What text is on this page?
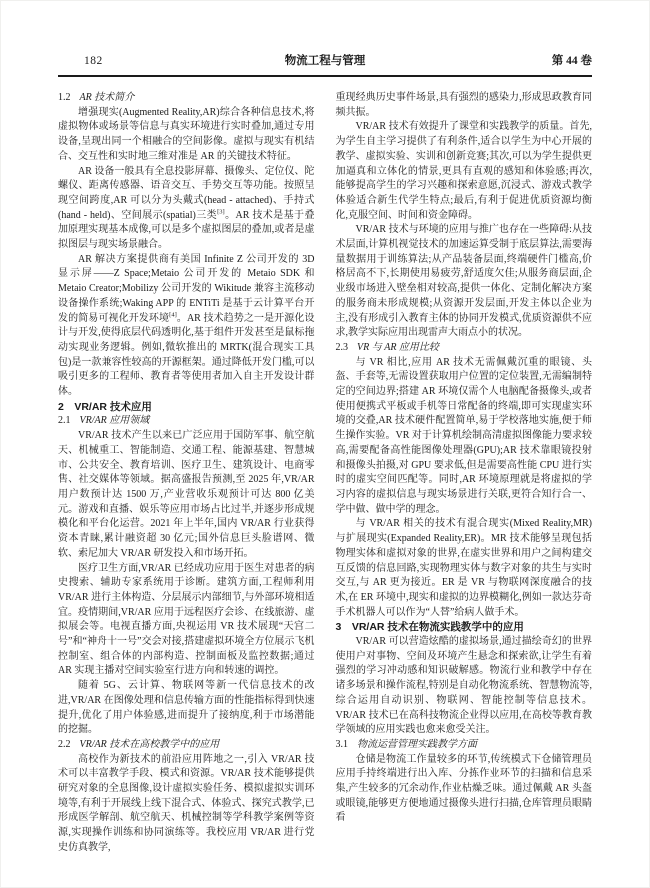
182	物流工程与管理	第 44 卷
1.2 AR 技术简介
增强现实(Augmented Reality,AR)综合各种信息技术,将虚拟物体或场景等信息与真实环境进行实时叠加,通过专用设备,呈现出同一个相融合的空间影像。虚拟与现实有机结合、交互性和实时地三维对准是 AR 的关键技术特征。
AR 设备一般具有全息投影屏幕、摄像头、定位仪、陀螺仪、距离传感器、语音交互、手势交互等功能。按照呈现空间跨度,AR 可以分为头戴式(head - attached)、手持式(hand - held)、空间展示(spatial)三类[3]。AR 技术是基于叠加原理实现基本成像,可以是多个虚拟图层的叠加,或者是虚拟图层与现实场景融合。
AR 解决方案提供商有美国 Infinite Z 公司开发的 3D 显示屏——Z Space;Metaio 公司开发的 Metaio SDK 和 Metaio Creator;Mobilizy 公司开发的 Wikitude 兼容主流移动设备操作系统;Waking APP 的 ENTiTi 是基于云计算平台开发的简易可视化开发环境[4]。AR 技术趋势之一是开源化设计与开发,使得底层代码透明化,基于组件开发甚至是鼠标拖动实现业务逻辑。例如,微软推出的 MRTK(混合现实工具包)是一款兼容性较高的开源框架。通过降低开发门槛,可以吸引更多的工程师、教育者等使用者加入自主开发设计群体。
2 VR/AR 技术应用
2.1 VR/AR 应用领域
VR/AR 技术产生以来已广泛应用于国防军事、航空航天、机械重工、智能制造、交通工程、能源基建、智慧城市、公共安全、教育培训、医疗卫生、建筑设计、电商零售、社交媒体等领域。据高盛报告预测,至 2025 年,VR/AR 用户数预计达 1500 万,产业营收乐观预计可达 800 亿美元。游戏和直播、娱乐等应用市场占比过半,并逐步形成规模化和平台化运营。2021 年上半年,国内 VR/AR 行业获得资本青睐,累计融资超 30 亿元;国外信息巨头脸谱网、微软、索尼加大 VR/AR 研发投入和市场开拓。
医疗卫生方面,VR/AR 已经成功应用于医生对患者的病史搜索、辅助专家系统用于诊断。建筑方面,工程师利用 VR/AR 进行主体构造、分层展示内部细节,与外部环境相适宜。疫情期间,VR/AR 应用于远程医疗会诊、在线旅游、虚拟展会等。电视直播方面,央视运用 VR 技术展现“天宫二号”和“神舟十一号”交会对接,搭建虚拟环境全方位展示飞机控制室、组合体的内部构造、控制面板及监控数据;通过 AR 实现主播对空间实验室行进方向和转速的调控。
随着 5G、云计算、物联网等新一代信息技术的改进,VR/AR 在图像处理和信息传输方面的性能指标得到快速提升,优化了用户体验感,进而提升了接纳度,利于市场潜能的挖掘。
2.2 VR/AR 技术在高校教学中的应用
高校作为新技术的前沿应用阵地之一,引入 VR/AR 技术可以丰富教学手段、模式和资源。VR/AR 技术能够提供研究对象的全息图像,设计虚拟实验任务、模拟虚拟实训环境等,有利于开展线上线下混合式、体验式、探究式教学,已形成医学解剖、航空航天、机械控制等学科教学案例等资源,实现操作训练和协同演练等。我校应用 VR/AR 进行党史仿真教学,
重现经典历史事件场景,具有强烈的感染力,形成思政教育同频共振。
VR/AR 技术有效提升了课堂和实践教学的质量。首先,为学生自主学习提供了有利条件,适合以学生为中心开展的教学、虚拟实验、实训和创新竞赛;其次,可以为学生提供更加逼真和立体化的情景,更具有直观的感知和体验感;再次,能够提高学生的学习兴趣和探索意愿,沉浸式、游戏式教学体验适合新生代学生特点;最后,有利于促进优质资源均衡化,克服空间、时间和资金障碍。
VR/AR 技术与环境的应用与推广也存在一些障碍:从技术层面,计算机视觉技术的加速运算受制于底层算法,需要海量数据用于训练算法;从产品装备层面,终端硬件门槛高,价格居高不下,长期使用易疲劳,舒适度欠佳;从服务商层面,企业级市场进入壁垒相对较高,提供一体化、定制化解决方案的服务商未形成规模;从资源开发层面,开发主体以企业为主,没有形成引入教育主体的协同开发模式,优质资源供不应求,教学实际应用出现雷声大雨点小的状况。
2.3 VR 与 AR 应用比较
与 VR 相比,应用 AR 技术无需佩戴沉重的眼镜、头盔、手套等,无需设置获取用户位置的定位装置,无需编制特定的空间边界;搭建 AR 环境仅需个人电脑配备摄像头,或者使用便携式平板或手机等日常配备的终端,即可实现虚实环境的交叠,AR 技术硬件配置简单,易于学校落地实施,便于师生操作实验。VR 对于计算机绘制高清虚拟图像能力要求较高,需要配备高性能图像处理器(GPU);AR 技术靠眼镜投射和摄像头拍摄,对 GPU 要求低,但是需要高性能 CPU 进行实时的虚实空间匹配等。同时,AR 环境原理就是将虚拟的学习内容的虚拟信息与现实场景进行关联,更符合知行合一、学中做、做中学的理念。
与 VR/AR 相关的技术有混合现实(Mixed Reality,MR)与扩展现实(Expanded Reality,ER)。MR 技术能够呈现包括物理实体和虚拟对象的世界,在虚实世界和用户之间构建交互反馈的信息回路,实现物理实体与数字对象的共生与实时交互,与 AR 更为接近。ER 是 VR 与物联网深度融合的技术,在 ER 环境中,现实和虚拟的边界模糊化,例如一款达芬奇手术机器人可以作为“人替”给病人做手术。
3 VR/AR 技术在物流实践教学中的应用
VR/AR 可以营造炫酷的虚拟场景,通过描绘奇幻的世界使用户对事物、空间及环境产生悬念和探索欲,让学生有着强烈的学习冲动感和知识破解感。物流行业和教学中存在诸多场景和操作流程,特别是自动化物流系统、智慧物流等,综合运用自动识别、物联网、智能控制等信息技术。VR/AR 技术已在高科技物流企业得以应用,在高校等教育教学领域的应用实践也愈来愈受关注。
3.1 物流运营管理实践教学方面
仓储是物流工作量较多的环节,传统模式下仓储管理员应用手持终端进行出入库、分拣作业环节的扫描和信息采集,产生较多的冗余动作,作业枯燥乏味。通过佩戴 AR 头盔或眼镜,能够更方便地通过摄像头进行扫描,仓库管理员眼睛看
